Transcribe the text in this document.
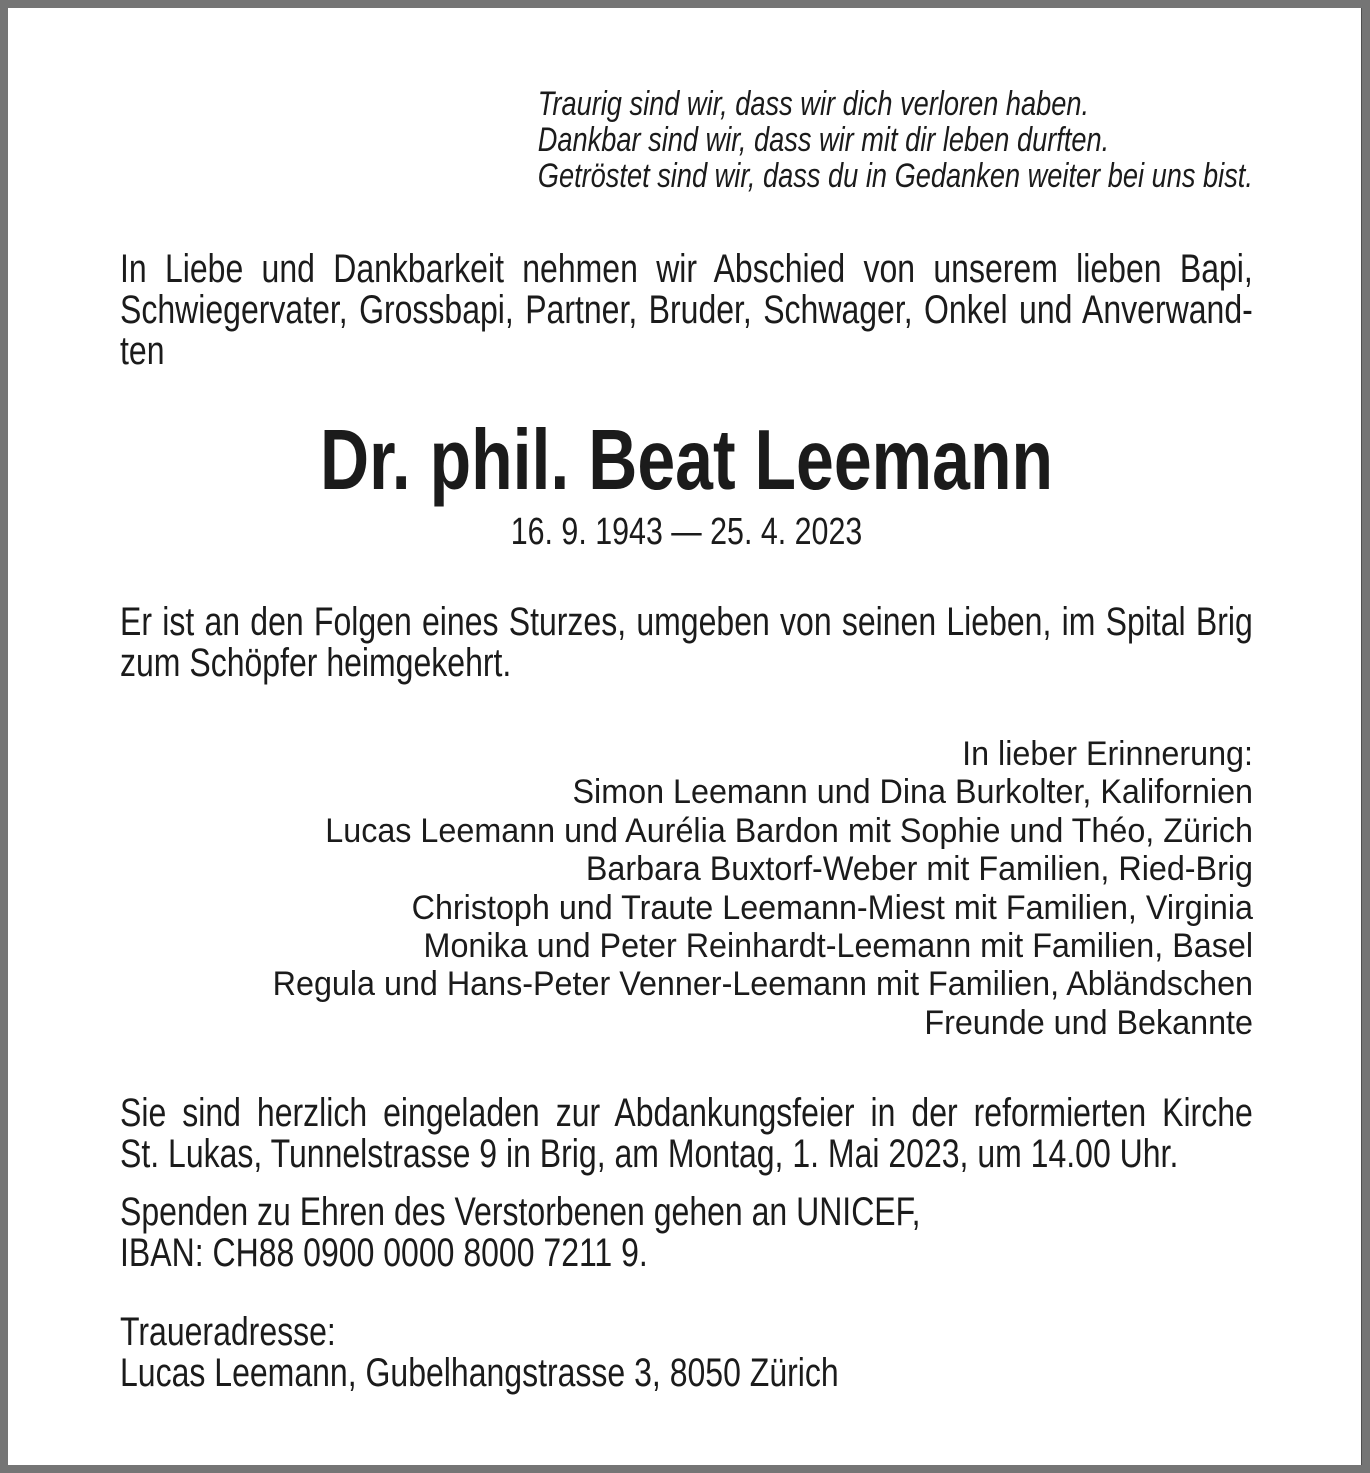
Traurig sind wir, dass wir dich verloren haben.
Dankbar sind wir, dass wir mit dir leben durften.
Getröstet sind wir, dass du in Gedanken weiter bei uns bist.
In Liebe und Dankbarkeit nehmen wir Abschied von unserem lieben Bapi,
Schwiegervater, Grossbapi, Partner, Bruder, Schwager, Onkel und Anverwand-
ten
Dr. phil. Beat Leemann
16. 9. 1943 — 25. 4. 2023
Er ist an den Folgen eines Sturzes, umgeben von seinen Lieben, im Spital Brig
zum Schöpfer heimgekehrt.
In lieber Erinnerung:
Simon Leemann und Dina Burkolter, Kalifornien
Lucas Leemann und Aurélia Bardon mit Sophie und Théo, Zürich
Barbara Buxtorf-Weber mit Familien, Ried-Brig
Christoph und Traute Leemann-Miest mit Familien, Virginia
Monika und Peter Reinhardt-Leemann mit Familien, Basel
Regula und Hans-Peter Venner-Leemann mit Familien, Abländschen
Freunde und Bekannte
Sie sind herzlich eingeladen zur Abdankungsfeier in der reformierten Kirche
St. Lukas, Tunnelstrasse 9 in Brig, am Montag, 1. Mai 2023, um 14.00 Uhr.
Spenden zu Ehren des Verstorbenen gehen an UNICEF,
IBAN: CH88 0900 0000 8000 7211 9.
Traueradresse:
Lucas Leemann, Gubelhangstrasse 3, 8050 Zürich
